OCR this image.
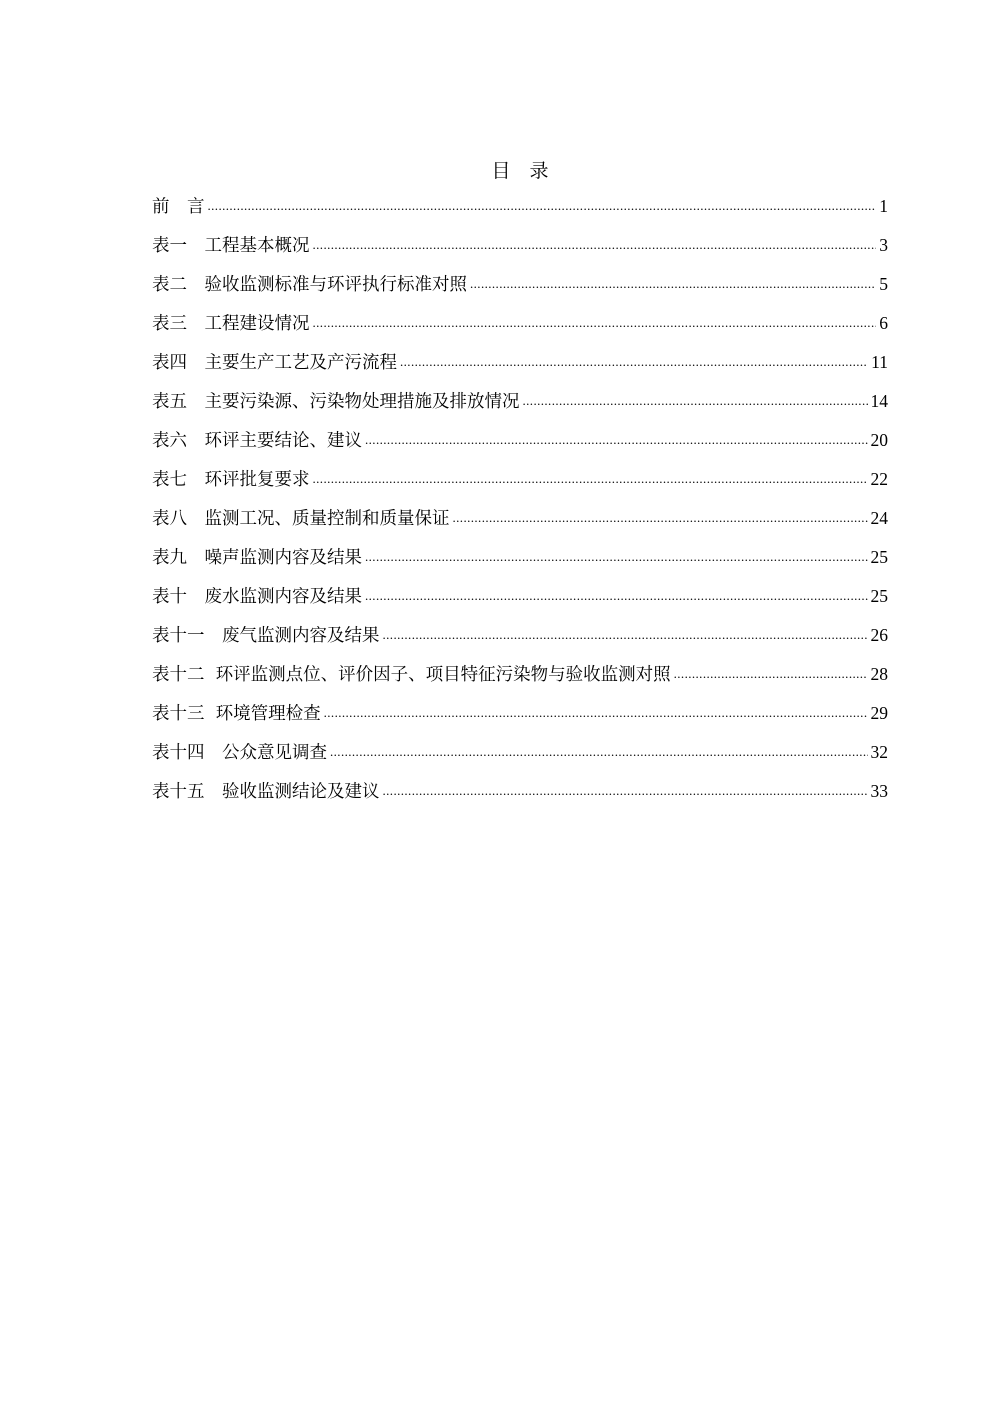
目　录
前　言 .....	1
表一　工程基本概况 .....	3
表二　验收监测标准与环评执行标准对照 .....	5
表三　工程建设情况 .....	6
表四　主要生产工艺及产污流程 .....	11
表五　主要污染源、污染物处理措施及排放情况 .....	14
表六　环评主要结论、建议 .....	20
表七　环评批复要求 .....	22
表八　监测工况、质量控制和质量保证 .....	24
表九　噪声监测内容及结果 .....	25
表十　废水监测内容及结果 .....	25
表十一　废气监测内容及结果 .....	26
表十二  环评监测点位、评价因子、项目特征污染物与验收监测对照 .....	28
表十三  环境管理检查 .....	29
表十四　公众意见调查 .....	32
表十五　验收监测结论及建议 .....	33
